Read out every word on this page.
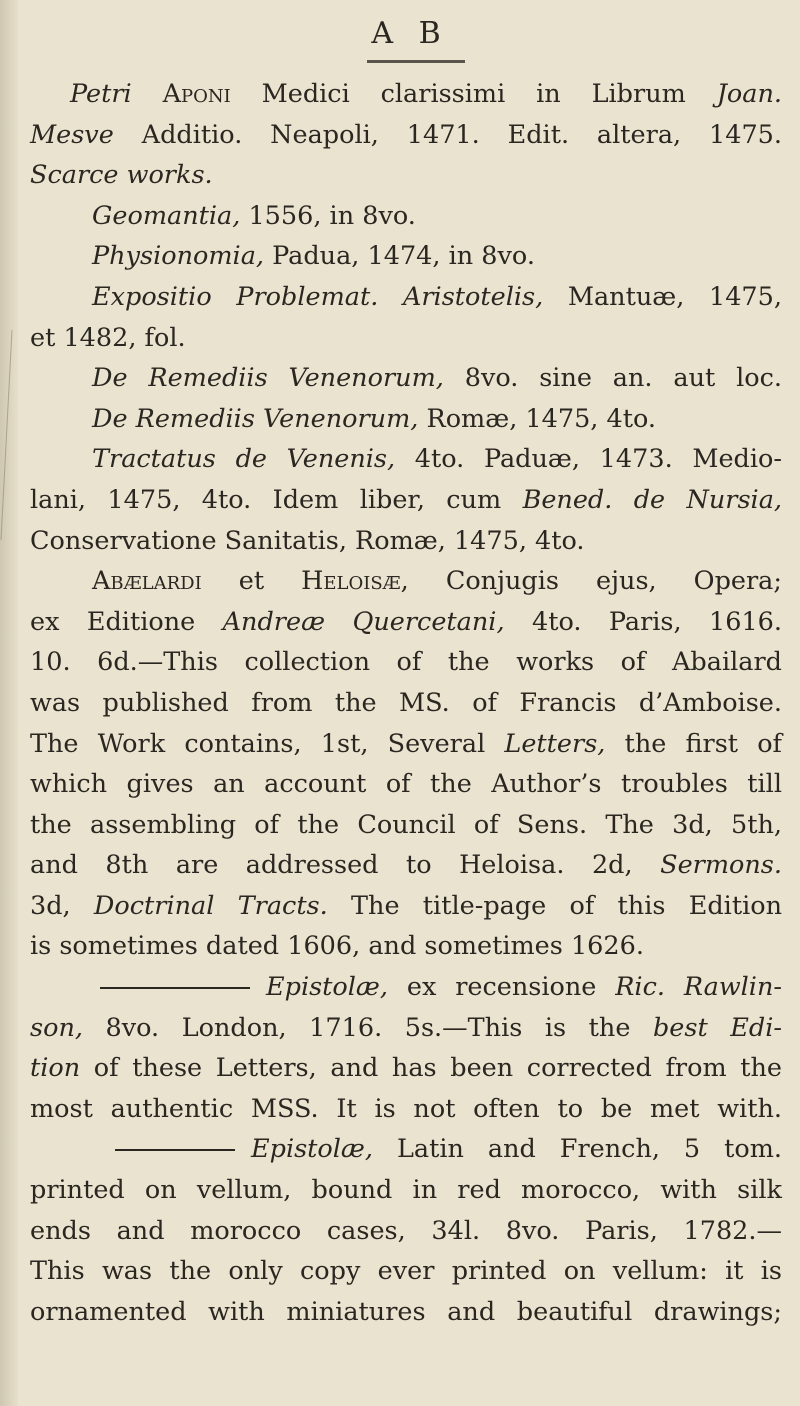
A B
Petri Aponi Medici clarissimi in Librum Joan.
Mesve Additio. Neapoli, 1471. Edit. altera, 1475.
Scarce works.
Geomantia, 1556, in 8vo.
Physionomia, Padua, 1474, in 8vo.
Expositio Problemat. Aristotelis, Mantuæ, 1475,
et 1482, fol.
De Remediis Venenorum, 8vo. sine an. aut loc.
De Remediis Venenorum, Romæ, 1475, 4to.
Tractatus de Venenis, 4to. Paduæ, 1473. Medio-
lani, 1475, 4to. Idem liber, cum Bened. de Nursia,
Conservatione Sanitatis, Romæ, 1475, 4to.
Abælardi et Heloisæ, Conjugis ejus, Opera;
ex Editione Andreæ Quercetani, 4to. Paris, 1616.
10. 6d.—This collection of the works of Abailard
was published from the MS. of Francis d’Amboise.
The Work contains, 1st, Several Letters, the first of
which gives an account of the Author’s troubles till
the assembling of the Council of Sens. The 3d, 5th,
and 8th are addressed to Heloisa. 2d, Sermons.
3d, Doctrinal Tracts. The title-page of this Edition
is sometimes dated 1606, and sometimes 1626.
Epistolæ, ex recensione Ric. Rawlin-
son, 8vo. London, 1716. 5s.—This is the best Edi-
tion of these Letters, and has been corrected from the
most authentic MSS. It is not often to be met with.
Epistolæ, Latin and French, 5 tom.
printed on vellum, bound in red morocco, with silk
ends and morocco cases, 34l. 8vo. Paris, 1782.—
This was the only copy ever printed on vellum: it is
ornamented with miniatures and beautiful drawings;
